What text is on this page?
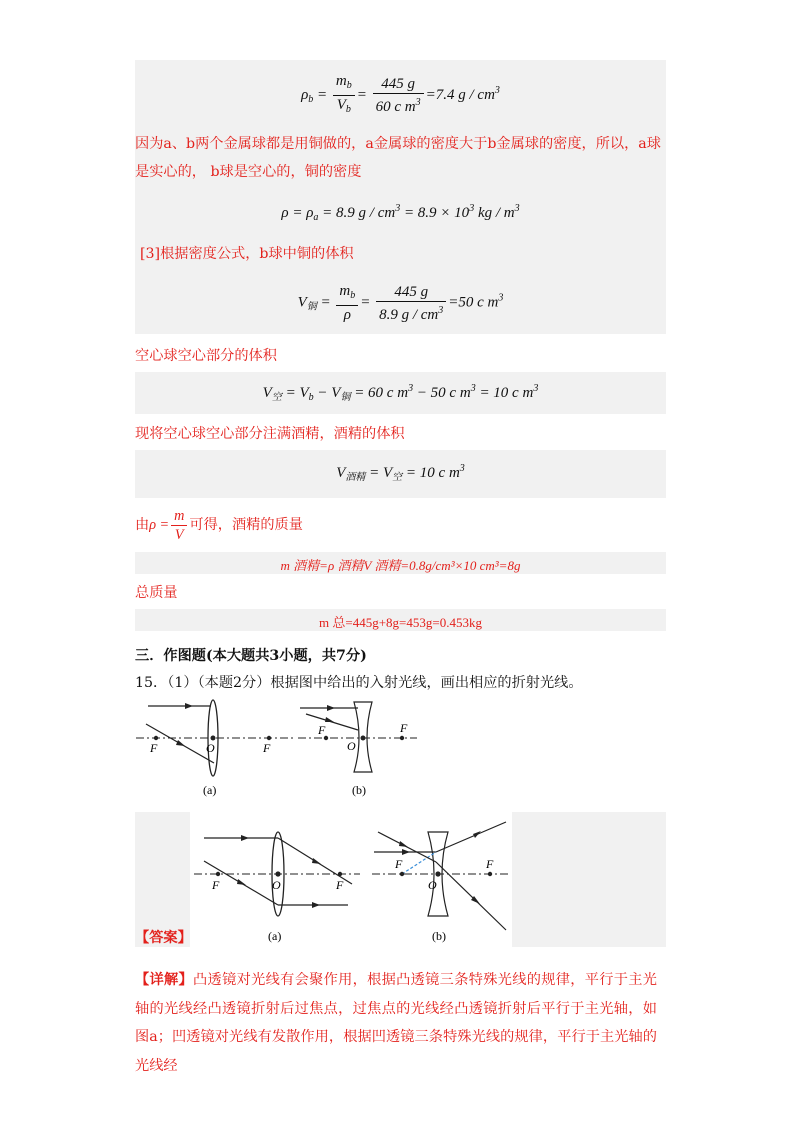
$\rho_b = \frac{m_b}{V_b} = \frac{445 g}{60 c m^3} =7.4$ g / $cm^3$
因为a、b两个金属球都是用铜做的，a金属球的密度大于b金属球的密度，所以，a球是实心的， b球是空心的，铜的密度
$\rho = \rho_a = 8.9$ $g / cm^3 = 8.9 \times 10^3$ kg / $m^3$
[3]根据密度公式，b球中铜的体积
$V_铜 = \frac{m_b}{\rho} = \frac{445 g}{8.9 g / cm^3} =50$ c $m^3$
空心球空心部分的体积
$V_空 = V_b - V_铜 = 60$ c $m^3 - 50$ c $m^3 = 10$ c $m^3$
现将空心球空心部分注满酒精，酒精的体积
$V_{酒精} = V_空 = 10$ c $m^3$
由$\rho = \frac{m}{V}$ 可得，酒精的质量
m 酒精=ρ 酒精V 酒精=0.8g/cm³×10 cm³=8g
总质量
m 总=445g+8g=453g=0.453kg
三．作图题(本大题共3小题，共7分)
15．（1）（本题2分）根据图中给出的入射光线，画出相应的折射光线。
F	O	F
(a)
F
O
F
(b)
F	O	F
(a)
F
O
F
(b)
【答案】
【详解】凸透镜对光线有会聚作用，根据凸透镜三条特殊光线的规律，平行于主光轴的光线经凸透镜折射后过焦点，过焦点的光线经凸透镜折射后平行于主光轴，如图a；凹透镜对光线有发散作用，根据凹透镜三条特殊光线的规律，平行于主光轴的光线经
